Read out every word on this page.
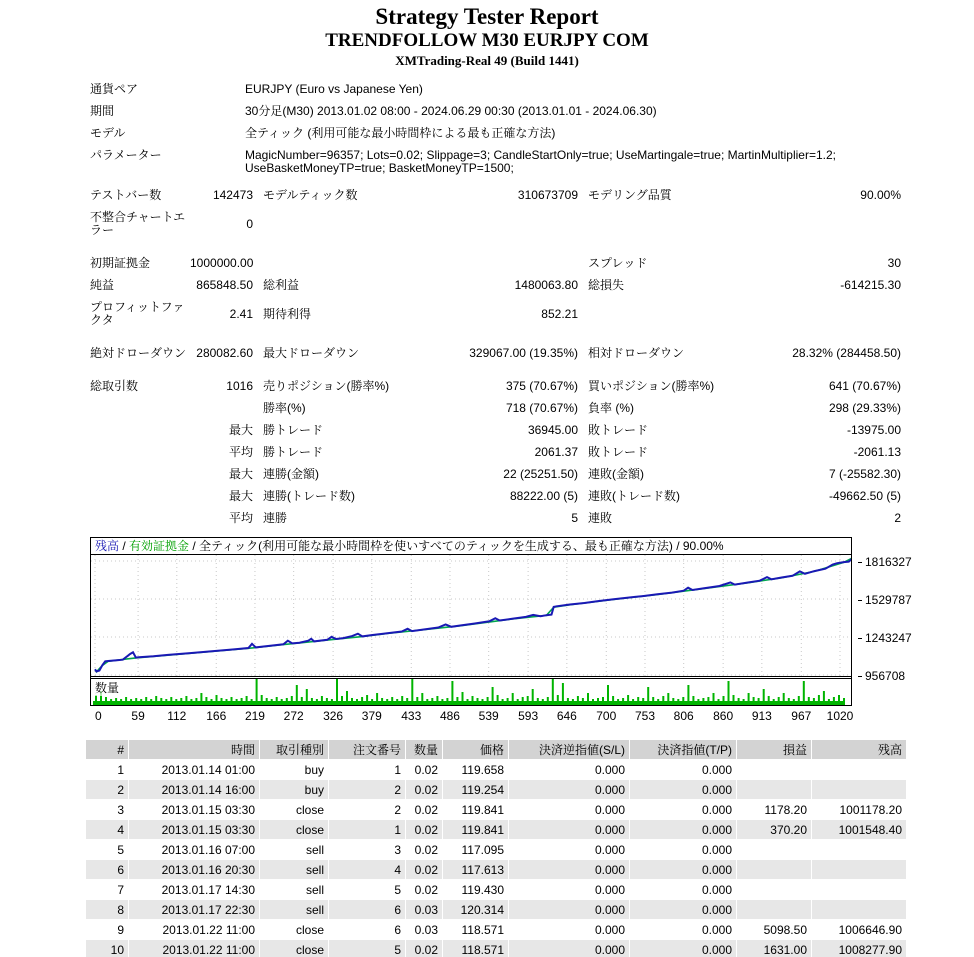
Strategy Tester Report
TRENDFOLLOW M30 EURJPY COM
XMTrading-Real 49 (Build 1441)
通貨ペア	EURJPY (Euro vs Japanese Yen)
期間	30分足(M30) 2013.01.02 08:00 - 2024.06.29 00:30 (2013.01.01 - 2024.06.30)
モデル	全ティック (利用可能な最小時間枠による最も正確な方法)
パラメーター	MagicNumber=96357; Lots=0.02; Slippage=3; CandleStartOnly=true; UseMartingale=true; MartinMultiplier=1.2; UseBasketMoneyTP=true; BasketMoneyTP=1500;
テストバー数	142473 モデルティック数	310673709 モデリング品質	90.00%
不整合チャートエラー	0
初期証拠金	1000000.00	スプレッド	30
純益	865848.50 総利益	1480063.80 総損失	-614215.30
プロフィットファクタ	2.41 期待利得	852.21
絶対ドローダウン 280082.60 最大ドローダウン	329067.00 (19.35%) 相対ドローダウン	28.32% (284458.50)
総取引数	1016 売りポジション(勝率%)	375 (70.67%) 買いポジション(勝率%)	641 (70.67%)
勝率(%)	718 (70.67%) 負率 (%)	298 (29.33%)
最大 勝トレード	36945.00 敗トレード	-13975.00
平均 勝トレード	2061.37 敗トレード	-2061.13
最大 連勝(金額)	22 (25251.50) 連敗(金額)	7 (-25582.30)
最大 連勝(トレード数)	88222.00 (5) 連敗(トレード数)	-49662.50 (5)
平均 連勝	5 連敗	2
残高 / 有効証拠金 / 全ティック(利用可能な最小時間枠を使いすべてのティックを生成する、最も正確な方法) / 90.00%
数量
1816327
1529787
1243247
956708
0 59 112 166 219 272 326 379 433 486 539 593 646 700 753 806 860 913 967 1020
#	時間	取引種別	注文番号	数量	価格	決済逆指値(S/L)	決済指値(T/P)	損益	残高
1	2013.01.14 01:00	buy	1	0.02	119.658	0.000	0.000		
2	2013.01.14 16:00	buy	2	0.02	119.254	0.000	0.000		
3	2013.01.15 03:30	close	2	0.02	119.841	0.000	0.000	1178.20	1001178.20
4	2013.01.15 03:30	close	1	0.02	119.841	0.000	0.000	370.20	1001548.40
5	2013.01.16 07:00	sell	3	0.02	117.095	0.000	0.000		
6	2013.01.16 20:30	sell	4	0.02	117.613	0.000	0.000		
7	2013.01.17 14:30	sell	5	0.02	119.430	0.000	0.000		
8	2013.01.17 22:30	sell	6	0.03	120.314	0.000	0.000		
9	2013.01.22 11:00	close	6	0.03	118.571	0.000	0.000	5098.50	1006646.90
10	2013.01.22 11:00	close	5	0.02	118.571	0.000	0.000	1631.00	1008277.90
